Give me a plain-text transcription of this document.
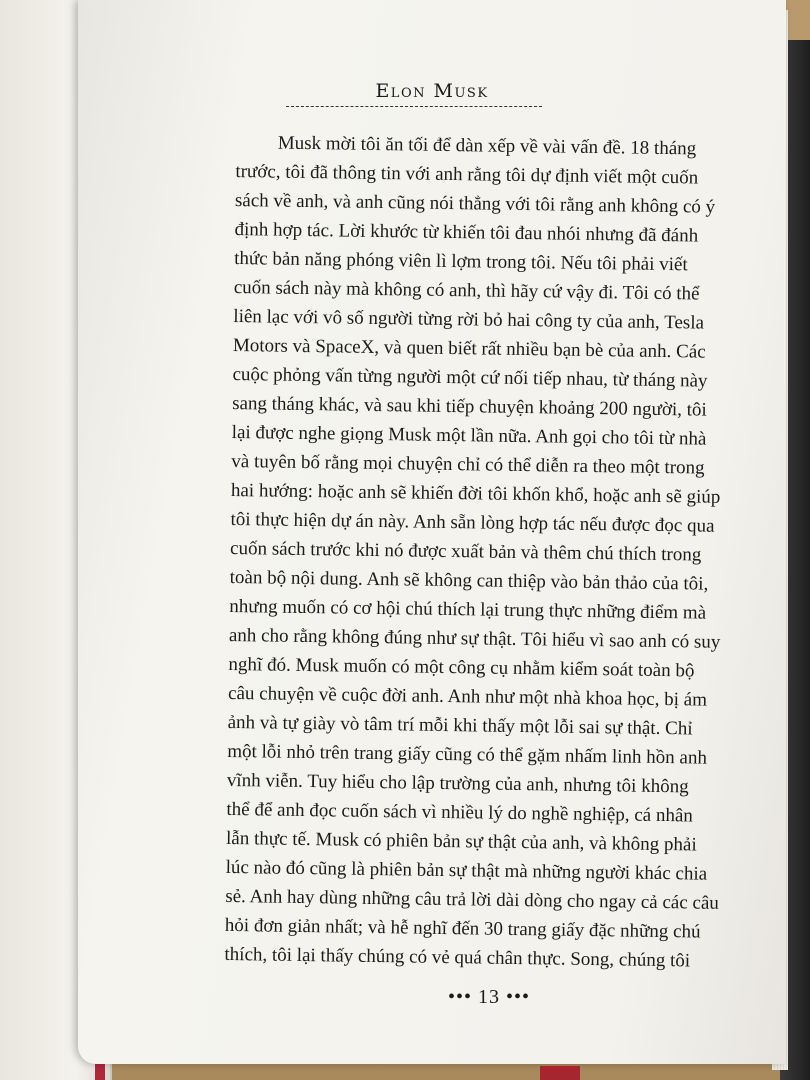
Elon Musk
Musk mời tôi ăn tối để dàn xếp về vài vấn đề. 18 tháng
trước, tôi đã thông tin với anh rằng tôi dự định viết một cuốn
sách về anh, và anh cũng nói thẳng với tôi rằng anh không có ý
định hợp tác. Lời khước từ khiến tôi đau nhói nhưng đã đánh
thức bản năng phóng viên lì lợm trong tôi. Nếu tôi phải viết
cuốn sách này mà không có anh, thì hãy cứ vậy đi. Tôi có thể
liên lạc với vô số người từng rời bỏ hai công ty của anh, Tesla
Motors và SpaceX, và quen biết rất nhiều bạn bè của anh. Các
cuộc phỏng vấn từng người một cứ nối tiếp nhau, từ tháng này
sang tháng khác, và sau khi tiếp chuyện khoảng 200 người, tôi
lại được nghe giọng Musk một lần nữa. Anh gọi cho tôi từ nhà
và tuyên bố rằng mọi chuyện chỉ có thể diễn ra theo một trong
hai hướng: hoặc anh sẽ khiến đời tôi khốn khổ, hoặc anh sẽ giúp
tôi thực hiện dự án này. Anh sẵn lòng hợp tác nếu được đọc qua
cuốn sách trước khi nó được xuất bản và thêm chú thích trong
toàn bộ nội dung. Anh sẽ không can thiệp vào bản thảo của tôi,
nhưng muốn có cơ hội chú thích lại trung thực những điểm mà
anh cho rằng không đúng như sự thật. Tôi hiểu vì sao anh có suy
nghĩ đó. Musk muốn có một công cụ nhằm kiểm soát toàn bộ
câu chuyện về cuộc đời anh. Anh như một nhà khoa học, bị ám
ảnh và tự giày vò tâm trí mỗi khi thấy một lỗi sai sự thật. Chỉ
một lỗi nhỏ trên trang giấy cũng có thể gặm nhấm linh hồn anh
vĩnh viễn. Tuy hiểu cho lập trường của anh, nhưng tôi không
thể để anh đọc cuốn sách vì nhiều lý do nghề nghiệp, cá nhân
lẫn thực tế. Musk có phiên bản sự thật của anh, và không phải
lúc nào đó cũng là phiên bản sự thật mà những người khác chia
sẻ. Anh hay dùng những câu trả lời dài dòng cho ngay cả các câu
hỏi đơn giản nhất; và hễ nghĩ đến 30 trang giấy đặc những chú
thích, tôi lại thấy chúng có vẻ quá chân thực. Song, chúng tôi
••• 13 •••
